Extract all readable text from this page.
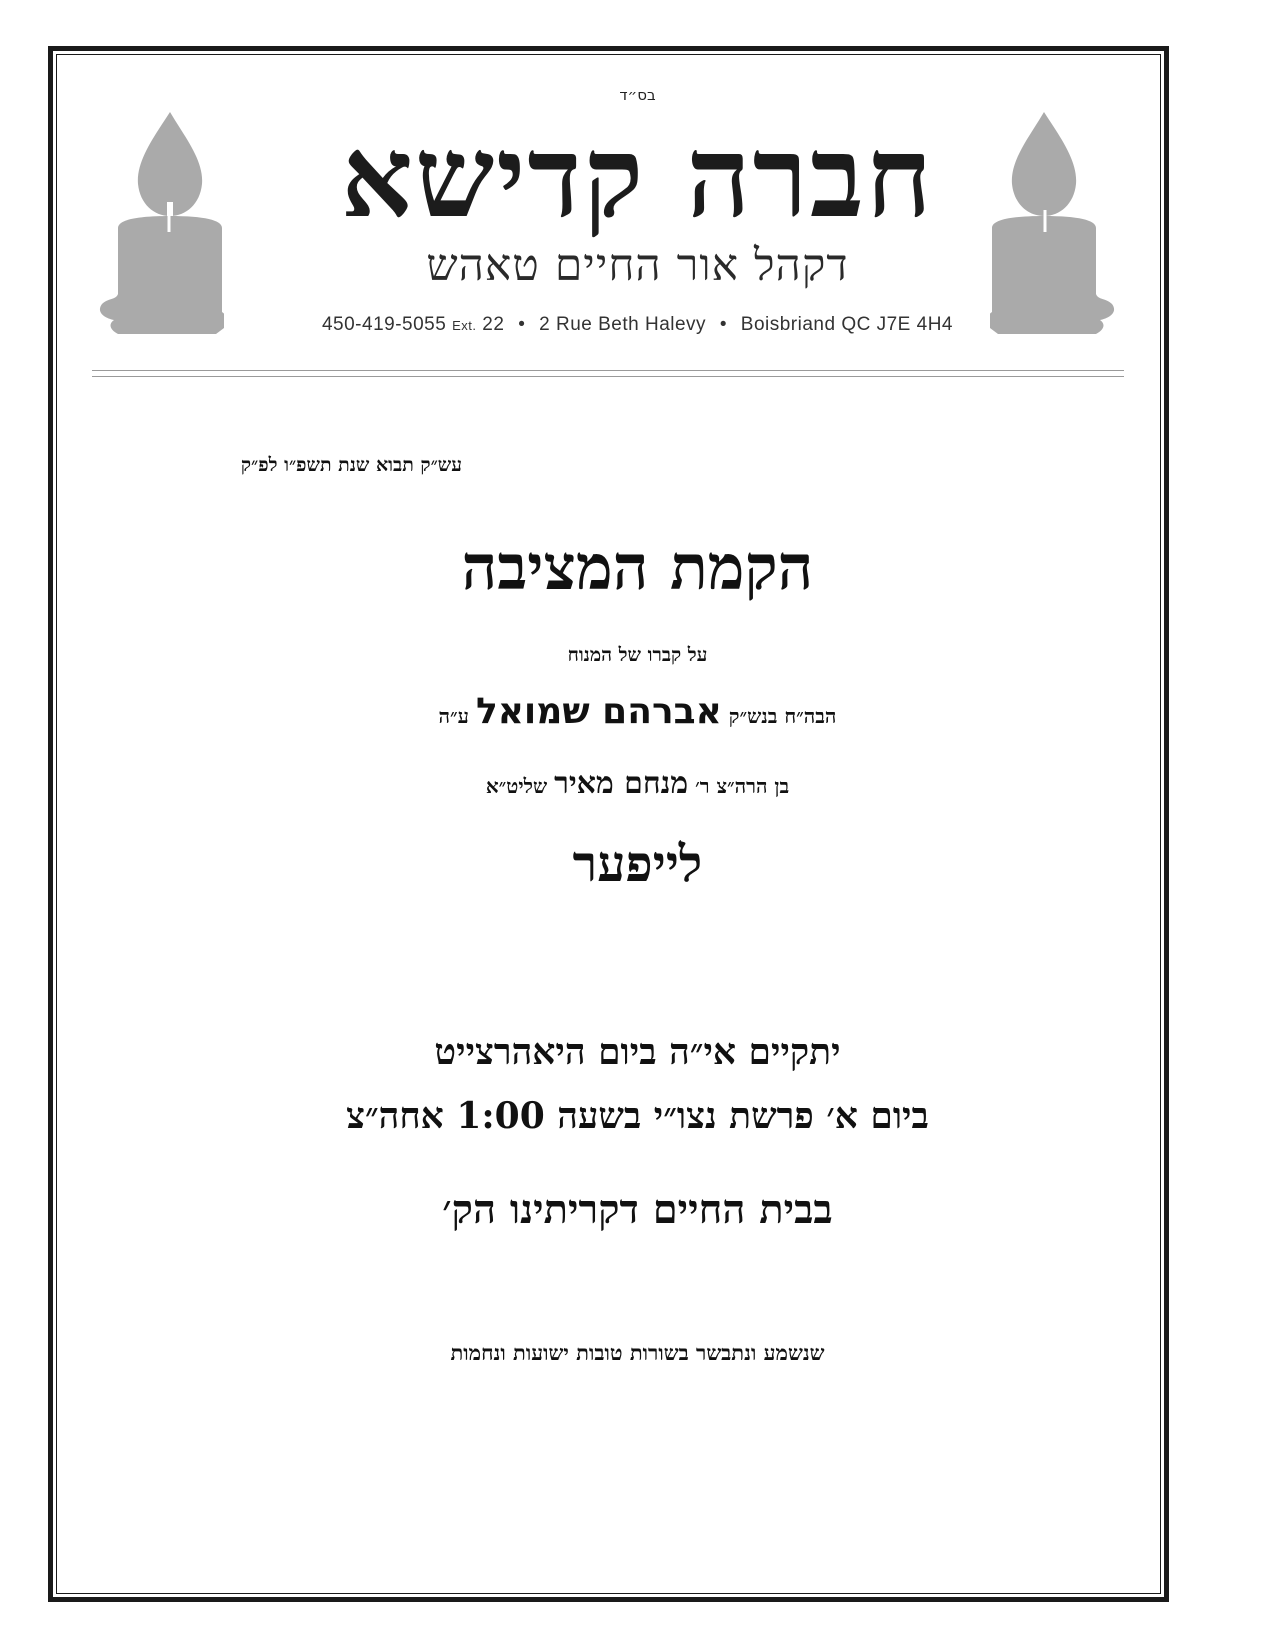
בס״ד
חברה קדישא
דקהל אור החיים טאהש
450-419-5055 Ext. 22 • 2 Rue Beth Halevy • Boisbriand QC J7E 4H4
עש״ק תבוא שנת תשפ״ו לפ״ק
הקמת המציבה
על קברו של המנוח
הבה״ח בנש״ק אברהם שמואל ע״ה
בן הרה״צ ר׳ מנחם מאיר שליט״א
לייפער
יתקיים אי״ה ביום היאהרצייט
ביום א׳ פרשת נצו״י בשעה 1:00 אחה״צ
בבית החיים דקריתינו הק׳
שנשמע ונתבשר בשורות טובות ישועות ונחמות
